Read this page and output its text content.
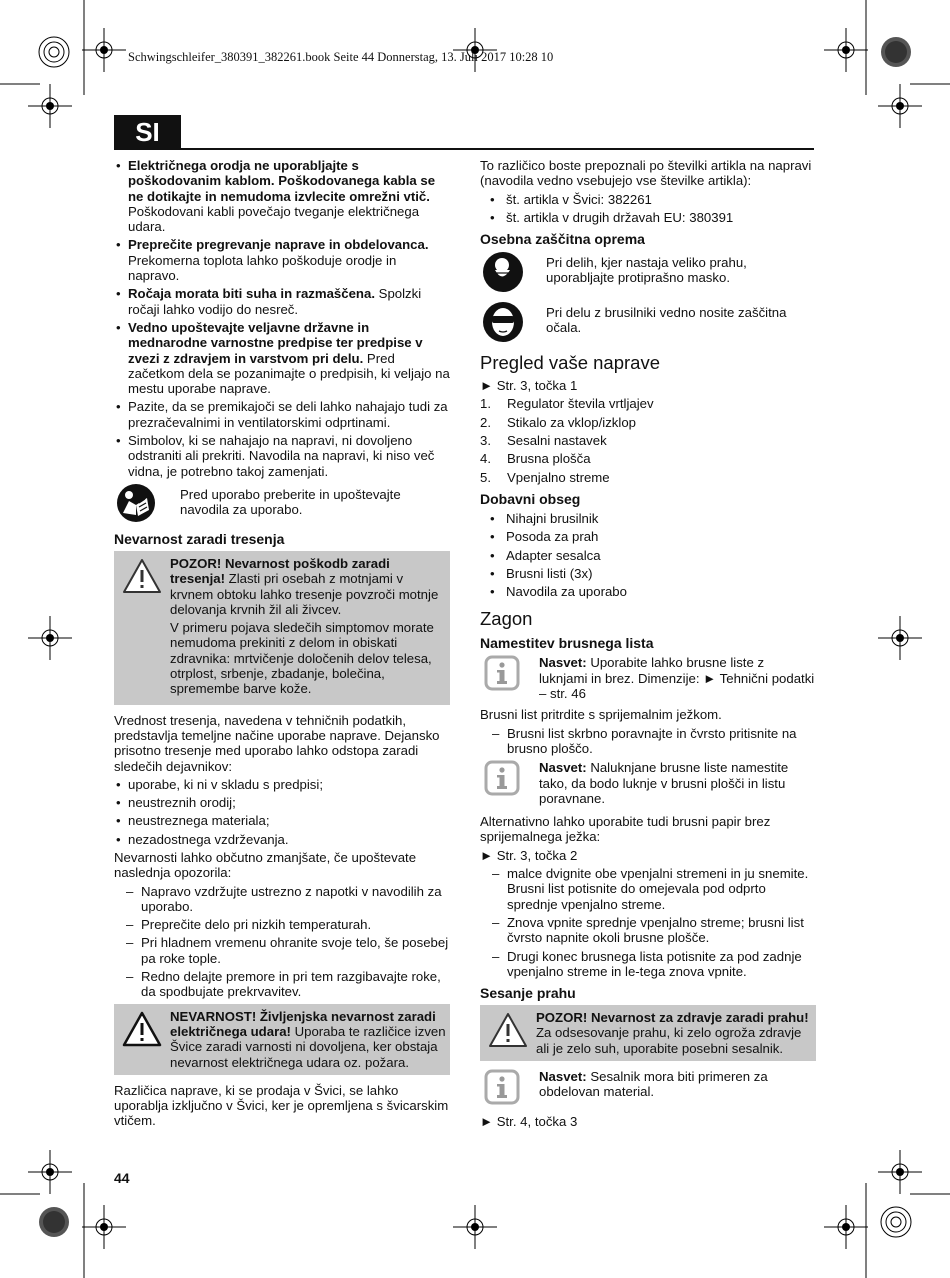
Schwingschleifer_380391_382261.book Seite 44 Donnerstag, 13. Juli 2017 10:28 10
SI
• Električnega orodja ne uporabljajte s poškodovanim kablom. Poškodovanega kabla se ne dotikajte in nemudoma izvlecite omrežni vtič. Poškodovani kabli povečajo tveganje električnega udara.
• Preprečite pregrevanje naprave in obdelovanca. Prekomerna toplota lahko poškoduje orodje in napravo.
• Ročaja morata biti suha in razmaščena. Spolzki ročaji lahko vodijo do nesreč.
• Vedno upoštevajte veljavne državne in mednarodne varnostne predpise ter predpise v zvezi z zdravjem in varstvom pri delu. Pred začetkom dela se pozanimajte o predpisih, ki veljajo na mestu uporabe naprave.
• Pazite, da se premikajoči se deli lahko nahajajo tudi za prezračevalnimi in ventilatorskimi odprtinami.
• Simbolov, ki se nahajajo na napravi, ni dovoljeno odstraniti ali prekriti. Navodila na napravi, ki niso več vidna, je potrebno takoj zamenjati.
Pred uporabo preberite in upoštevajte navodila za uporabo.
Nevarnost zaradi tresenja

POZOR! Nevarnost poškodb zaradi tresenja! Zlasti pri osebah z motnjami v krvnem obtoku lahko tresenje povzroči motnje delovanja krvnih žil ali živcev.

V primeru pojava sledečih simptomov morate nemudoma prekiniti z delom in obiskati zdravnika: mrtvičenje določenih delov telesa, otrplost, srbenje, zbadanje, bolečina, spremembe barve kože.

Vrednost tresenja, navedena v tehničnih podatkih, predstavlja temeljne načine uporabe naprave. Dejansko prisotno tresenje med uporabo lahko odstopa zaradi sledečih dejavnikov:

• uporabe, ki ni v skladu s predpisi;
• neustreznih orodij;
• neustreznega materiala;
• nezadostnega vzdrževanja.

Nevarnosti lahko občutno zmanjšate, če upoštevate naslednja opozorila:

– Napravo vzdržujte ustrezno z napotki v navodilih za uporabo.
– Preprečite delo pri nizkih temperaturah.
– Pri hladnem vremenu ohranite svoje telo, še posebej pa roke tople.
– Redno delajte premore in pri tem razgibavajte roke, da spodbujate prekrvavitev.
NEVARNOST! Življenjska nevarnost zaradi električnega udara! Uporaba te različice izven Švice zaradi varnosti ni dovoljena, ker obstaja nevarnost električnega udara oz. požara.

Različica naprave, ki se prodaja v Švici, se lahko uporablja izključno v Švici, ker je opremljena s švicarskim vtičem.

To različico boste prepoznali po številki artikla na napravi (navodila vedno vsebujejo vse številke artikla):

• št. artikla v Švici: 382261
• št. artikla v drugih državah EU: 380391
Osebna zaščitna oprema
Pri delih, kjer nastaja veliko prahu, uporabljajte protiprašno masko.
Pri delu z brusilniki vedno nosite zaščitna očala.
Pregled vaše naprave

► Str. 3, točka 1

1. Regulator števila vrtljajev
2. Stikalo za vklop/izklop
3. Sesalni nastavek
4. Brusna plošča
5. Vpenjalno streme
Dobavni obseg
• Nihajni brusilnik
• Posoda za prah
• Adapter sesalca
• Brusni listi (3x)
• Navodila za uporabo
Zagon
Namestitev brusnega lista
Nasvet: Uporabite lahko brusne liste z luknjami in brez. Dimenzije: ► Tehnični podatki – str. 46

Brusni list pritrdite s sprijemalnim ježkom.

– Brusni list skrbno poravnajte in čvrsto pritisnite na brusno ploščo.
Nasvet: Naluknjane brusne liste namestite tako, da bodo luknje v brusni plošči in listu poravnane.

Alternativno lahko uporabite tudi brusni papir brez sprijemalnega ježka:

► Str. 3, točka 2

– malce dvignite obe vpenjalni stremeni in ju snemite. Brusni list potisnite do omejevala pod odprto sprednje vpenjalno streme.
– Znova vpnite sprednje vpenjalno streme; brusni list čvrsto napnite okoli brusne plošče.
– Drugi konec brusnega lista potisnite za pod zadnje vpenjalno streme in le-tega znova vpnite.
Sesanje prahu
POZOR! Nevarnost za zdravje zaradi prahu! Za odsesovanje prahu, ki zelo ogroža zdravje ali je zelo suh, uporabite posebni sesalnik.
Nasvet: Sesalnik mora biti primeren za obdelovan material.

► Str. 4, točka 3

44
